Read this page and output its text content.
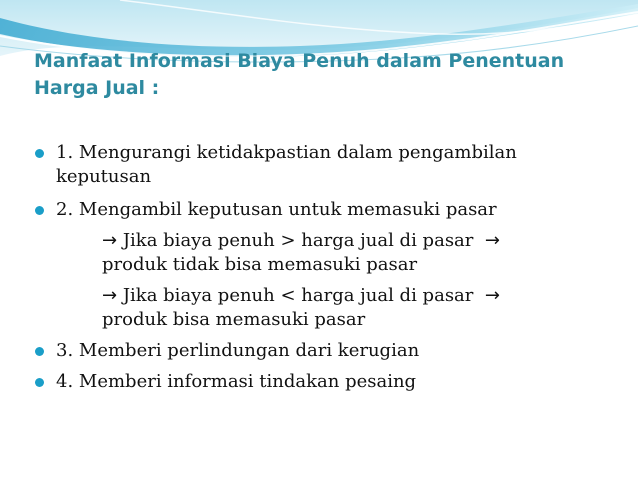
Manfaat Informasi Biaya Penuh dalam Penentuan
Harga Jual :
1. Mengurangi ketidakpastian dalam pengambilan
keputusan
2. Mengambil keputusan untuk memasuki pasar
→ Jika biaya penuh > harga jual di pasar  →
produk tidak bisa memasuki pasar
→ Jika biaya penuh < harga jual di pasar  →
produk bisa memasuki pasar
3. Memberi perlindungan dari kerugian
4. Memberi informasi tindakan pesaing
